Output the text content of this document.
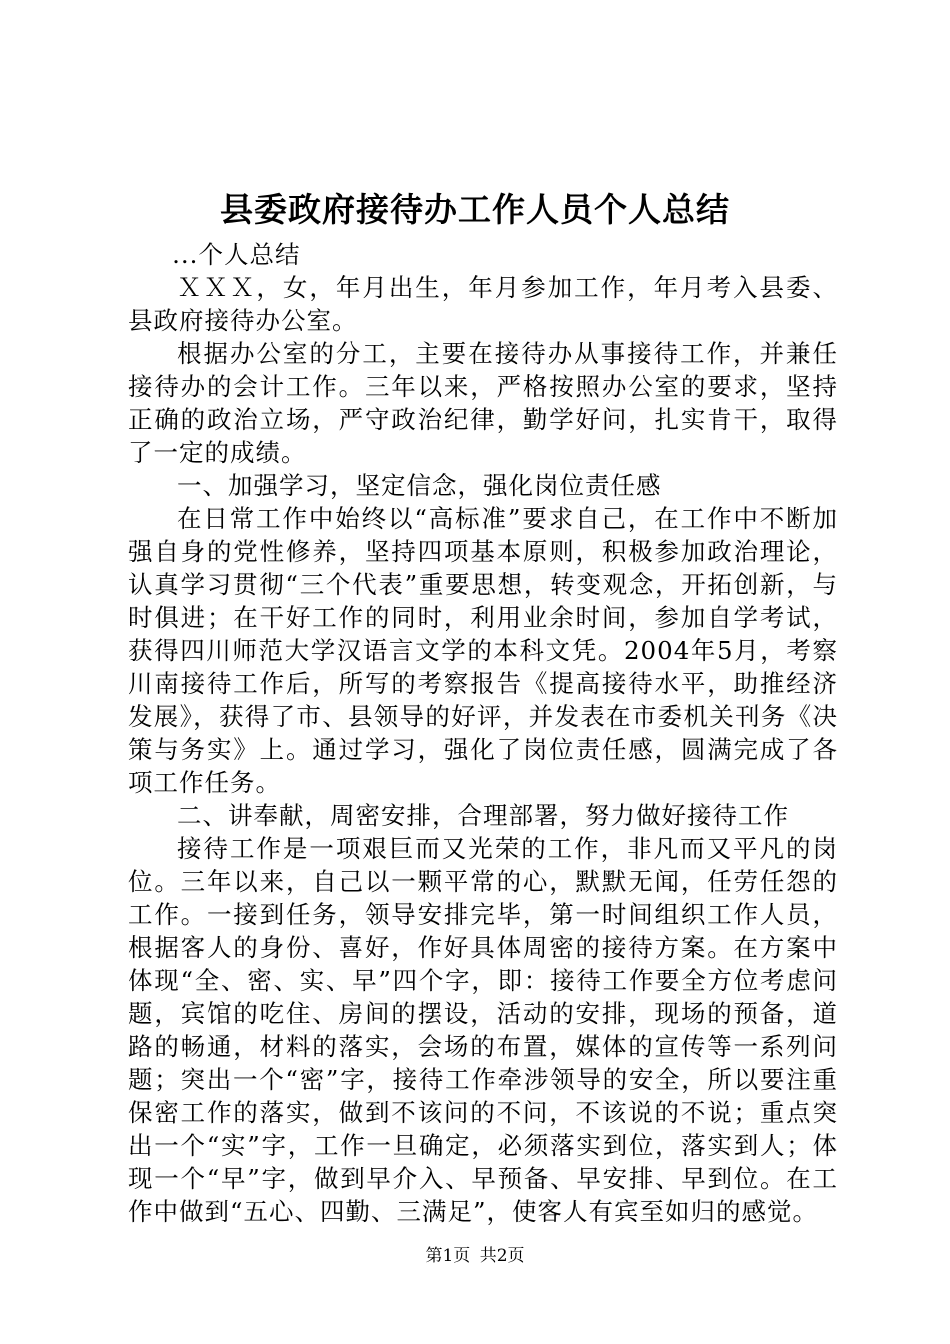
县委政府接待办工作人员个人总结

...个人总结

ＸＸＸ，女，年月出生，年月参加工作，年月考入县委、县政府接待办公室。

根据办公室的分工，主要在接待办从事接待工作，并兼任接待办的会计工作。三年以来，严格按照办公室的要求，坚持正确的政治立场，严守政治纪律，勤学好问，扎实肯干，取得了一定的成绩。

一、加强学习，坚定信念，强化岗位责任感

在日常工作中始终以“高标准”要求自己，在工作中不断加强自身的党性修养，坚持四项基本原则，积极参加政治理论，认真学习贯彻“三个代表”重要思想，转变观念，开拓创新，与时俱进；在干好工作的同时，利用业余时间，参加自学考试，获得四川师范大学汉语言文学的本科文凭。2004年5月，考察川南接待工作后，所写的考察报告《提高接待水平，助推经济发展》，获得了市、县领导的好评，并发表在市委机关刊务《决策与务实》上。通过学习，强化了岗位责任感，圆满完成了各项工作任务。

二、讲奉献，周密安排，合理部署，努力做好接待工作

接待工作是一项艰巨而又光荣的工作，非凡而又平凡的岗位。三年以来，自己以一颗平常的心，默默无闻，任劳任怨的工作。一接到任务，领导安排完毕，第一时间组织工作人员，根据客人的身份、喜好，作好具体周密的接待方案。在方案中体现“全、密、实、早”四个字，即：接待工作要全方位考虑问题，宾馆的吃住、房间的摆设，活动的安排，现场的预备，道路的畅通，材料的落实，会场的布置，媒体的宣传等一系列问题；突出一个“密”字，接待工作牵涉领导的安全，所以要注重保密工作的落实，做到不该问的不问，不该说的不说；重点突出一个“实”字，工作一旦确定，必须落实到位，落实到人；体现一个“早”字，做到早介入、早预备、早安排、早到位。在工作中做到“五心、四勤、三满足”，使客人有宾至如归的感觉。

第1页 共2页
